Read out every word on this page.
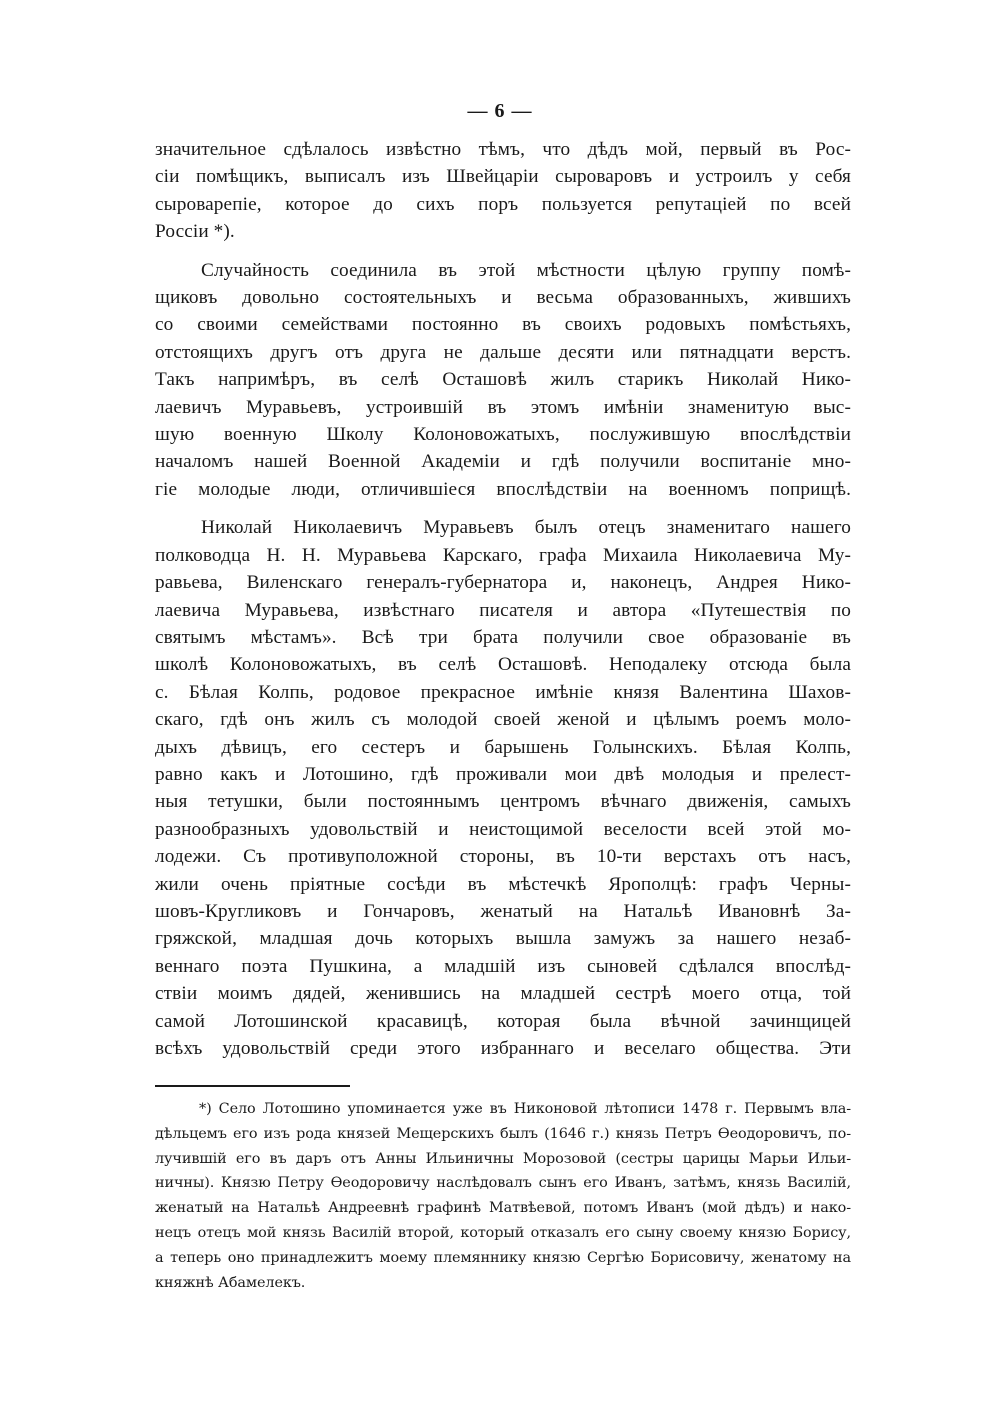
— 6 —

значительное сдѣлалось извѣстно тѣмъ, что дѣдъ мой, первый въ Рос-
сіи помѣщикъ, выписалъ изъ Швейцаріи сыроваровъ и устроилъ у себя
сыроварепіе, которое до сихъ поръ пользуется репутаціей по всей
Россіи *).

Случайность соединила въ этой мѣстности цѣлую группу помѣ-
щиковъ довольно состоятельныхъ и весьма образованныхъ, жившихъ
со своими семействами постоянно въ своихъ родовыхъ помѣстьяхъ,
отстоящихъ другъ отъ друга не дальше десяти или пятнадцати верстъ.
Такъ напримѣръ, въ селѣ Осташовѣ жилъ старикъ Николай Нико-
лаевичъ Муравьевъ, устроившій въ этомъ имѣніи знаменитую выс-
шую военную Школу Колоновожатыхъ, послужившую впослѣдствіи
началомъ нашей Военной Академіи и гдѣ получили воспитаніе мно-
гіе молодые люди, отличившіеся впослѣдствіи на военномъ поприщѣ.

Николай Николаевичъ Муравьевъ былъ отецъ знаменитаго нашего
полководца Н. Н. Муравьева Карскаго, графа Михаила Николаевича Му-
равьева, Виленскаго генералъ-губернатора и, наконецъ, Андрея Нико-
лаевича Муравьева, извѣстнаго писателя и автора «Путешествія по
святымъ мѣстамъ». Всѣ три брата получили свое образованіе въ
школѣ Колоновожатыхъ, въ селѣ Осташовѣ. Неподалеку отсюда была
с. Бѣлая Колпь, родовое прекрасное имѣніе князя Валентина Шахов-
скаго, гдѣ онъ жилъ съ молодой своей женой и цѣлымъ роемъ моло-
дыхъ дѣвицъ, его сестеръ и барышень Голынскихъ. Бѣлая Колпь,
равно какъ и Лотошино, гдѣ проживали мои двѣ молодыя и прелест-
ныя тетушки, были постояннымъ центромъ вѣчнаго движенія, самыхъ
разнообразныхъ удовольствій и неистощимой веселости всей этой мо-
лодежи. Съ противуположной стороны, въ 10-ти верстахъ отъ насъ,
жили очень пріятные сосѣди въ мѣстечкѣ Ярополцѣ: графъ Черны-
шовъ-Кругликовъ и Гончаровъ, женатый на Натальѣ Ивановнѣ За-
гряжской, младшая дочь которыхъ вышла замужъ за нашего незаб-
веннаго поэта Пушкина, а младшій изъ сыновей сдѣлался впослѣд-
ствіи моимъ дядей, женившись на младшей сестрѣ моего отца, той
самой Лотошинской красавицѣ, которая была вѣчной зачинщицей
всѣхъ удовольствій среди этого избраннаго и веселаго общества. Эти

*) Село Лотошино упоминается уже въ Никоновой лѣтописи 1478 г. Первымъ вла-
дѣльцемъ его изъ рода князей Мещерскихъ былъ (1646 г.) князь Петръ Ѳеодоровичъ, по-
лучившій его въ даръ отъ Анны Ильиничны Морозовой (сестры царицы Марьи Ильи-
ничны). Князю Петру Ѳеодоровичу наслѣдовалъ сынъ его Иванъ, затѣмъ, князь Василій,
женатый на Натальѣ Андреевнѣ графинѣ Матвѣевой, потомъ Иванъ (мой дѣдъ) и нако-
нецъ отецъ мой князь Василій второй, который отказалъ его сыну своему князю Борису,
а теперь оно принадлежитъ моему племяннику князю Сергѣю Борисовичу, женатому на
княжнѣ Абамелекъ.
